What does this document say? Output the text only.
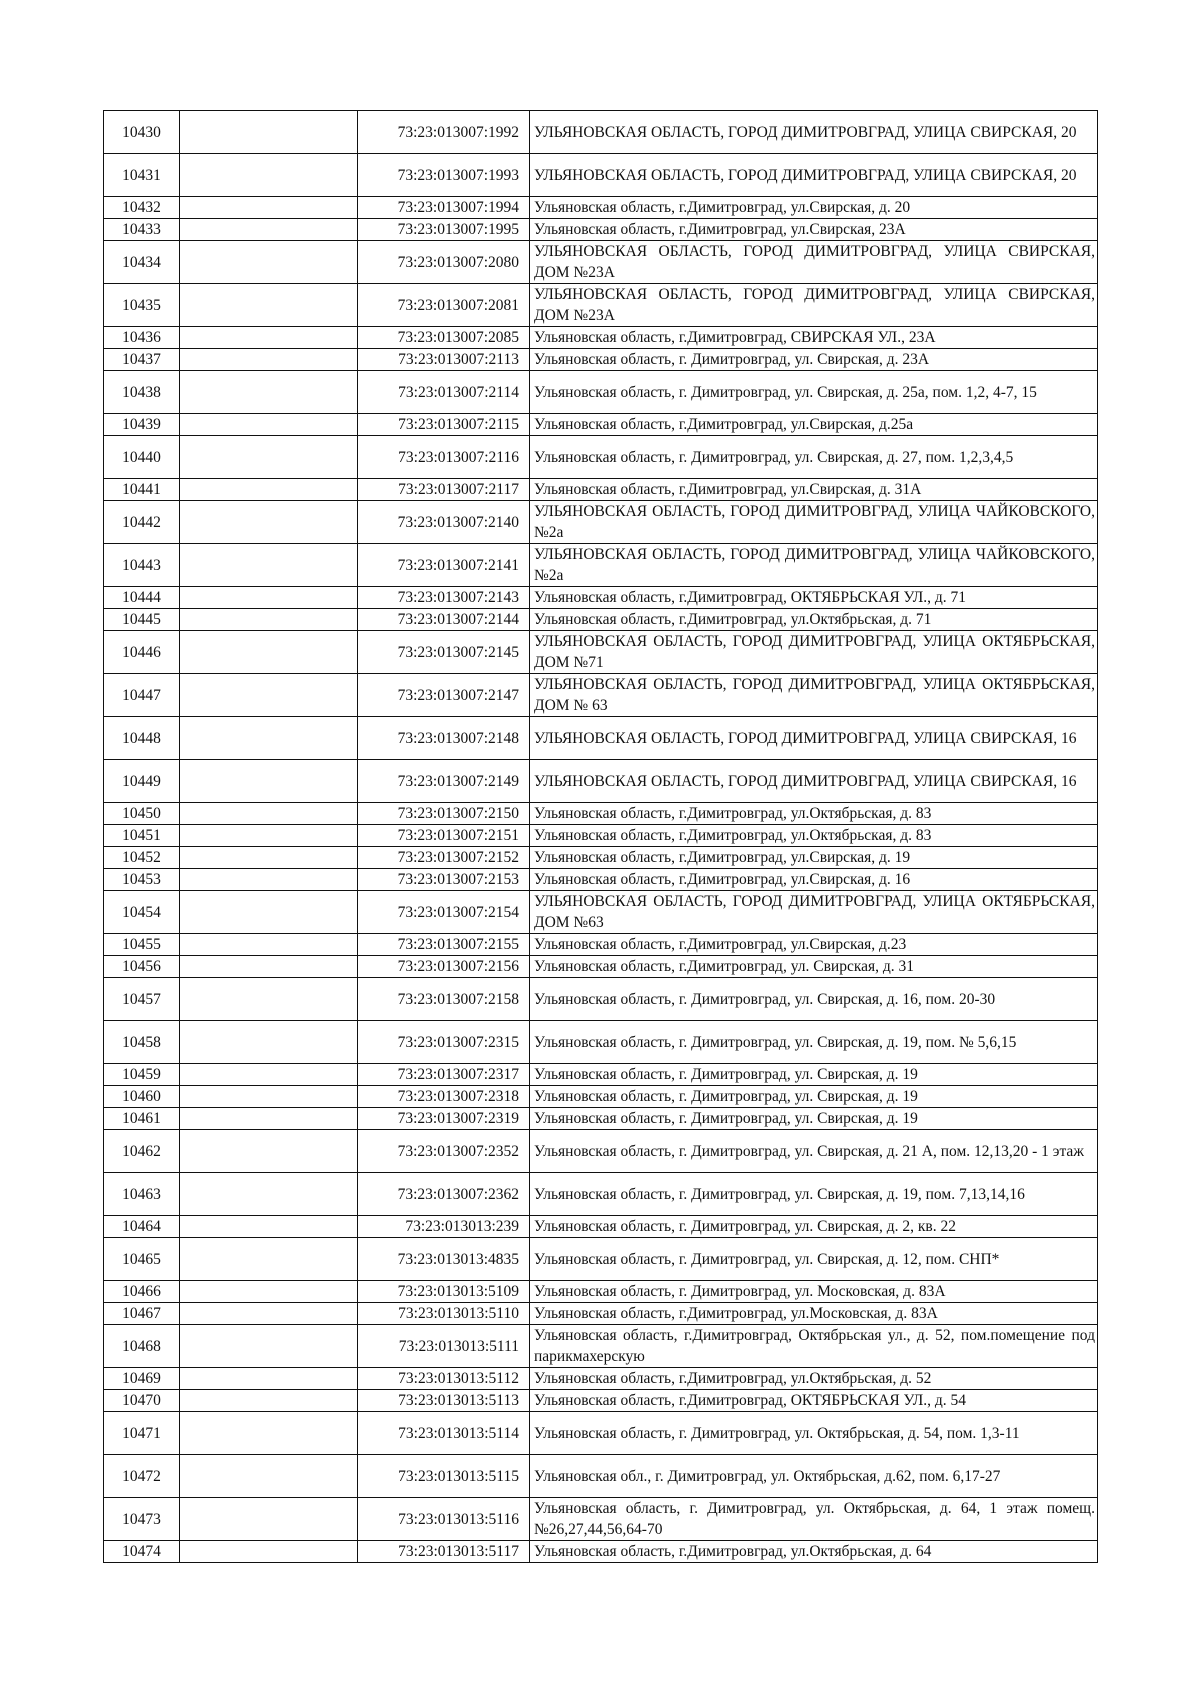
10430		73:23:013007:1992	УЛЬЯНОВСКАЯ ОБЛАСТЬ, ГОРОД ДИМИТРОВГРАД, УЛИЦА СВИРСКАЯ, 20
10431		73:23:013007:1993	УЛЬЯНОВСКАЯ ОБЛАСТЬ, ГОРОД ДИМИТРОВГРАД, УЛИЦА СВИРСКАЯ, 20
10432		73:23:013007:1994	Ульяновская область, г.Димитровград, ул.Свирская, д. 20
10433		73:23:013007:1995	Ульяновская область, г.Димитровград, ул.Свирская, 23А
10434		73:23:013007:2080	УЛЬЯНОВСКАЯ ОБЛАСТЬ, ГОРОД ДИМИТРОВГРАД, УЛИЦА СВИРСКАЯ, ДОМ №23А
10435		73:23:013007:2081	УЛЬЯНОВСКАЯ ОБЛАСТЬ, ГОРОД ДИМИТРОВГРАД, УЛИЦА СВИРСКАЯ, ДОМ №23А
10436		73:23:013007:2085	Ульяновская область, г.Димитровград, СВИРСКАЯ УЛ., 23А
10437		73:23:013007:2113	Ульяновская область, г. Димитровград, ул. Свирская, д. 23А
10438		73:23:013007:2114	Ульяновская область, г. Димитровград, ул. Свирская, д. 25а, пом. 1,2, 4-7, 15
10439		73:23:013007:2115	Ульяновская область, г.Димитровград, ул.Свирская, д.25а
10440		73:23:013007:2116	Ульяновская область, г. Димитровград, ул. Свирская, д. 27, пом. 1,2,3,4,5
10441		73:23:013007:2117	Ульяновская область, г.Димитровград, ул.Свирская, д. 31А
10442		73:23:013007:2140	УЛЬЯНОВСКАЯ ОБЛАСТЬ, ГОРОД ДИМИТРОВГРАД, УЛИЦА ЧАЙКОВСКОГО, №2а
10443		73:23:013007:2141	УЛЬЯНОВСКАЯ ОБЛАСТЬ, ГОРОД ДИМИТРОВГРАД, УЛИЦА ЧАЙКОВСКОГО, №2а
10444		73:23:013007:2143	Ульяновская область, г.Димитровград, ОКТЯБРЬСКАЯ УЛ., д. 71
10445		73:23:013007:2144	Ульяновская область, г.Димитровград, ул.Октябрьская, д. 71
10446		73:23:013007:2145	УЛЬЯНОВСКАЯ ОБЛАСТЬ, ГОРОД ДИМИТРОВГРАД, УЛИЦА ОКТЯБРЬСКАЯ, ДОМ №71
10447		73:23:013007:2147	УЛЬЯНОВСКАЯ ОБЛАСТЬ, ГОРОД ДИМИТРОВГРАД, УЛИЦА ОКТЯБРЬСКАЯ, ДОМ № 63
10448		73:23:013007:2148	УЛЬЯНОВСКАЯ ОБЛАСТЬ, ГОРОД ДИМИТРОВГРАД, УЛИЦА СВИРСКАЯ, 16
10449		73:23:013007:2149	УЛЬЯНОВСКАЯ ОБЛАСТЬ, ГОРОД ДИМИТРОВГРАД, УЛИЦА СВИРСКАЯ, 16
10450		73:23:013007:2150	Ульяновская область, г.Димитровград, ул.Октябрьская, д. 83
10451		73:23:013007:2151	Ульяновская область, г.Димитровград, ул.Октябрьская, д. 83
10452		73:23:013007:2152	Ульяновская область, г.Димитровград, ул.Свирская, д. 19
10453		73:23:013007:2153	Ульяновская область, г.Димитровград, ул.Свирская, д. 16
10454		73:23:013007:2154	УЛЬЯНОВСКАЯ ОБЛАСТЬ, ГОРОД ДИМИТРОВГРАД, УЛИЦА ОКТЯБРЬСКАЯ, ДОМ №63
10455		73:23:013007:2155	Ульяновская область, г.Димитровград, ул.Свирская, д.23
10456		73:23:013007:2156	Ульяновская область, г.Димитровград, ул. Свирская, д. 31
10457		73:23:013007:2158	Ульяновская область, г. Димитровград, ул. Свирская, д. 16, пом. 20-30
10458		73:23:013007:2315	Ульяновская область, г. Димитровград, ул. Свирская, д. 19, пом. № 5,6,15
10459		73:23:013007:2317	Ульяновская область, г. Димитровград, ул. Свирская, д. 19
10460		73:23:013007:2318	Ульяновская область, г. Димитровград, ул. Свирская, д. 19
10461		73:23:013007:2319	Ульяновская область, г. Димитровград, ул. Свирская, д. 19
10462		73:23:013007:2352	Ульяновская область, г. Димитровград, ул. Свирская, д. 21 А, пом. 12,13,20 - 1 этаж
10463		73:23:013007:2362	Ульяновская область, г. Димитровград, ул. Свирская, д. 19, пом. 7,13,14,16
10464		73:23:013013:239	Ульяновская область, г. Димитровград, ул. Свирская, д. 2, кв. 22
10465		73:23:013013:4835	Ульяновская область, г. Димитровград, ул. Свирская, д. 12, пом. СНП*
10466		73:23:013013:5109	Ульяновская область, г. Димитровград, ул. Московская, д. 83А
10467		73:23:013013:5110	Ульяновская область, г.Димитровград, ул.Московская, д. 83А
10468		73:23:013013:5111	Ульяновская область, г.Димитровград, Октябрьская ул., д. 52, пом.помещение под парикмахерскую
10469		73:23:013013:5112	Ульяновская область, г.Димитровград, ул.Октябрьская, д. 52
10470		73:23:013013:5113	Ульяновская область, г.Димитровград, ОКТЯБРЬСКАЯ УЛ., д. 54
10471		73:23:013013:5114	Ульяновская область, г. Димитровград, ул. Октябрьская, д. 54, пом. 1,3-11
10472		73:23:013013:5115	Ульяновская обл., г. Димитровград, ул. Октябрьская, д.62, пом. 6,17-27
10473		73:23:013013:5116	Ульяновская область, г. Димитровград, ул. Октябрьская, д. 64, 1 этаж помещ. №26,27,44,56,64-70
10474		73:23:013013:5117	Ульяновская область, г.Димитровград, ул.Октябрьская, д. 64
